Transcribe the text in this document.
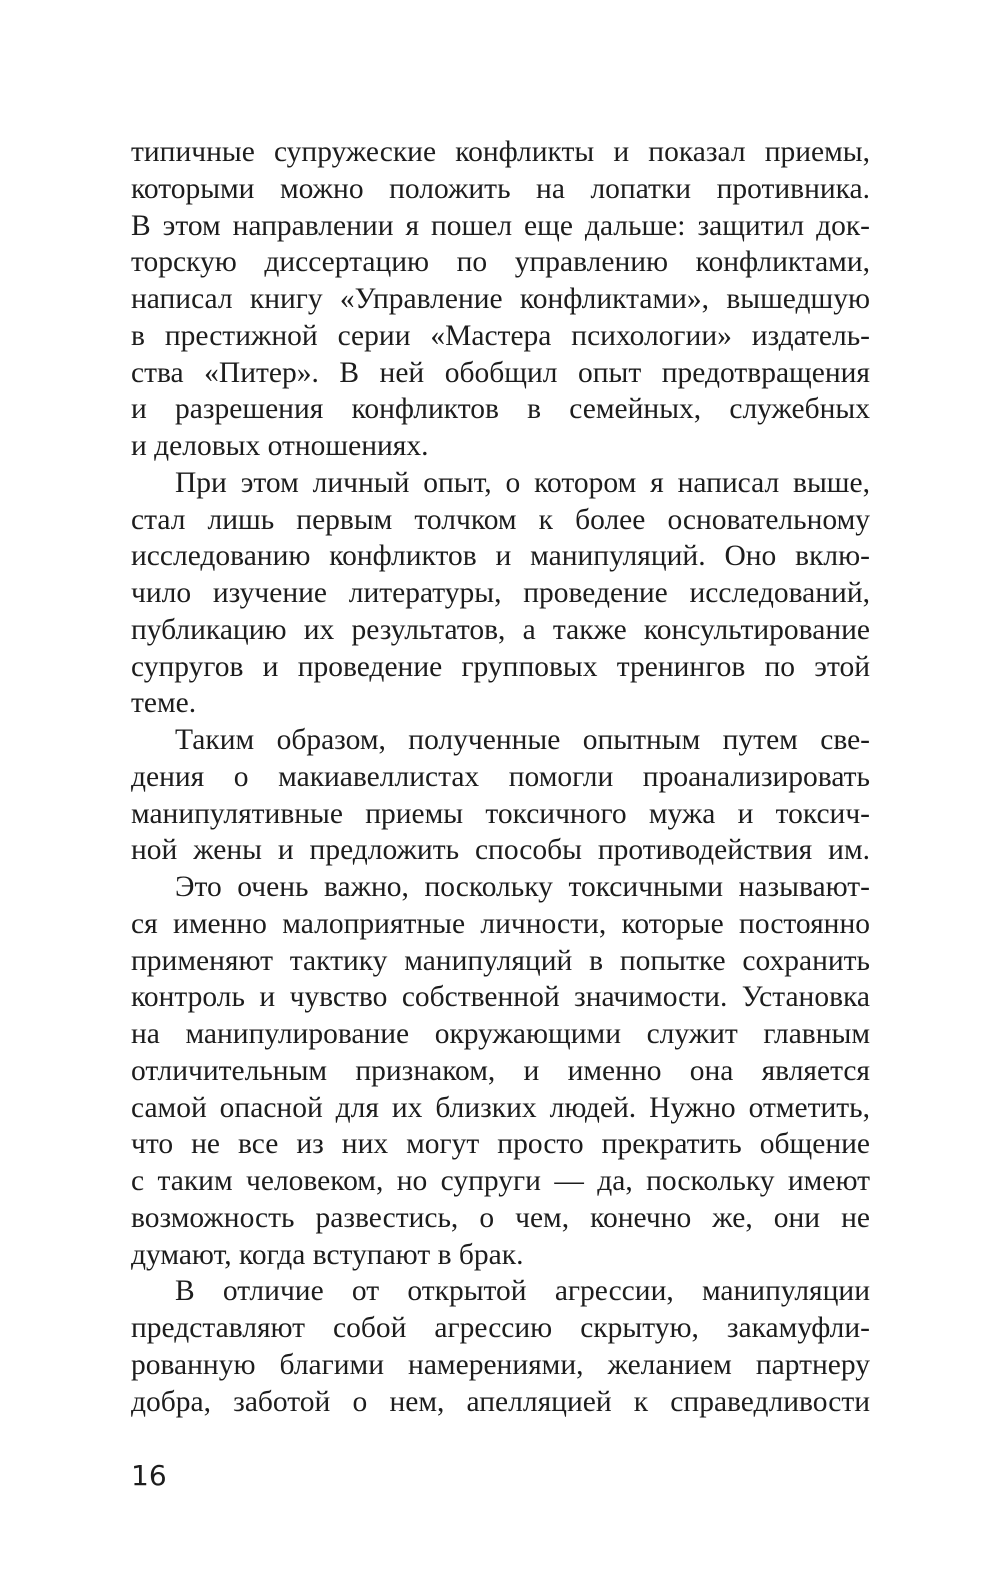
типичные супружеские конфликты и показал приемы,
которыми можно положить на лопатки противника.
В этом направлении я пошел еще дальше: защитил док-
торскую диссертацию по управлению конфликтами,
написал книгу «Управление конфликтами», вышедшую
в престижной серии «Мастера психологии» издатель-
ства «Питер». В ней обобщил опыт предотвращения
и разрешения конфликтов в семейных, служебных
и деловых отношениях.

При этом личный опыт, о котором я написал выше,
стал лишь первым толчком к более основательному
исследованию конфликтов и манипуляций. Оно вклю-
чило изучение литературы, проведение исследований,
публикацию их результатов, а также консультирование
супругов и проведение групповых тренингов по этой
теме.

Таким образом, полученные опытным путем све-
дения о макиавеллистах помогли проанализировать
манипулятивные приемы токсичного мужа и токсич-
ной жены и предложить способы противодействия им.

Это очень важно, поскольку токсичными называют-
ся именно малоприятные личности, которые постоянно
применяют тактику манипуляций в попытке сохранить
контроль и чувство собственной значимости. Установка
на манипулирование окружающими служит главным
отличительным признаком, и именно она является
самой опасной для их близких людей. Нужно отметить,
что не все из них могут просто прекратить общение
с таким человеком, но супруги — да, поскольку имеют
возможность развестись, о чем, конечно же, они не
думают, когда вступают в брак.

В отличие от открытой агрессии, манипуляции
представляют собой агрессию скрытую, закамуфли-
рованную благими намерениями, желанием партнеру
добра, заботой о нем, апелляцией к справедливости

16
